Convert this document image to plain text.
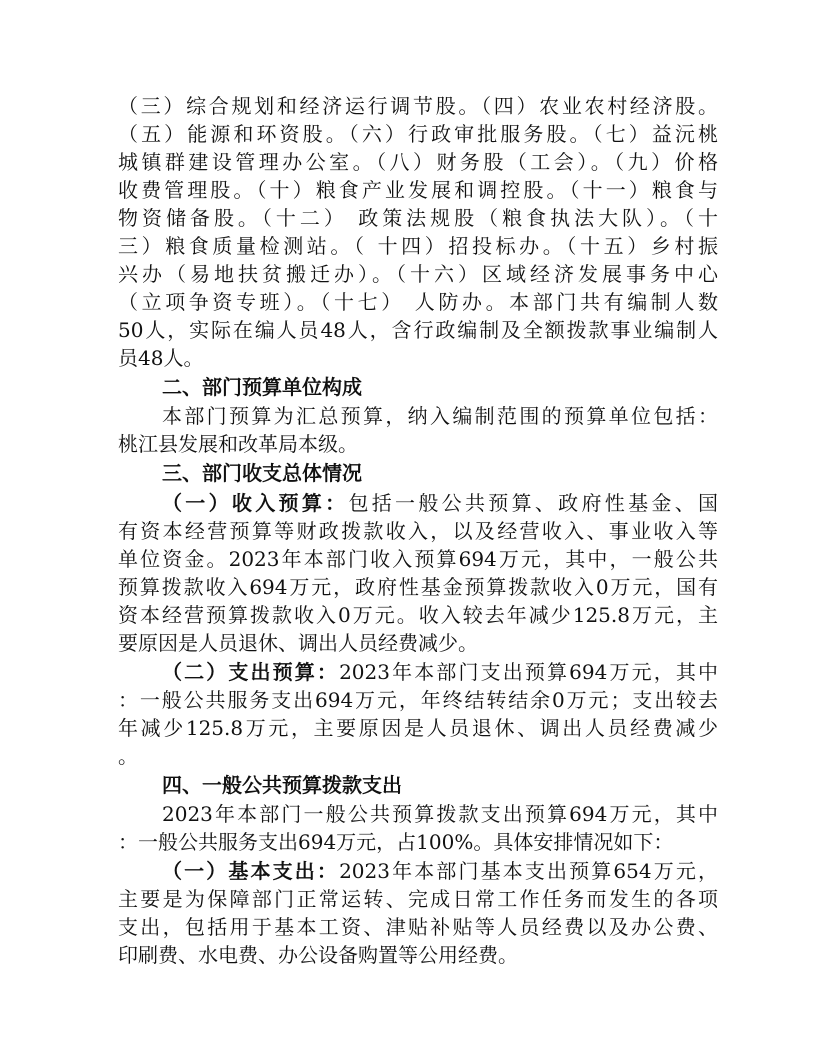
（三）综合规划和经济运行调节股。（四）农业农村经济股。
（五）能源和环资股。（六）行政审批服务股。（七）益沅桃
城镇群建设管理办公室。（八）财务股（工会）。（九）价格
收费管理股。（十）粮食产业发展和调控股。（十一）粮食与
物资储备股。（十二） 政策法规股（粮食执法大队）。（十
三）粮食质量检测站。（ 十四）招投标办。（十五）乡村振
兴办（易地扶贫搬迁办）。（十六）区域经济发展事务中心
（立项争资专班）。（十七） 人防办。本部门共有编制人数
50人，实际在编人员48人，含行政编制及全额拨款事业编制人
员48人。
二、部门预算单位构成
本部门预算为汇总预算，纳入编制范围的预算单位包括：
桃江县发展和改革局本级。
三、部门收支总体情况
（一）收入预算：包括一般公共预算、政府性基金、国
有资本经营预算等财政拨款收入，以及经营收入、事业收入等
单位资金。2023年本部门收入预算694万元，其中，一般公共
预算拨款收入694万元，政府性基金预算拨款收入0万元，国有
资本经营预算拨款收入0万元。收入较去年减少125.8万元，主
要原因是人员退休、调出人员经费减少。
（二）支出预算：2023年本部门支出预算694万元，其中
：一般公共服务支出694万元，年终结转结余0万元；支出较去
年减少125.8万元，主要原因是人员退休、调出人员经费减少
。
四、一般公共预算拨款支出
2023年本部门一般公共预算拨款支出预算694万元，其中
：一般公共服务支出694万元，占100%。具体安排情况如下：
（一）基本支出：2023年本部门基本支出预算654万元，
主要是为保障部门正常运转、完成日常工作任务而发生的各项
支出，包括用于基本工资、津贴补贴等人员经费以及办公费、
印刷费、水电费、办公设备购置等公用经费。
